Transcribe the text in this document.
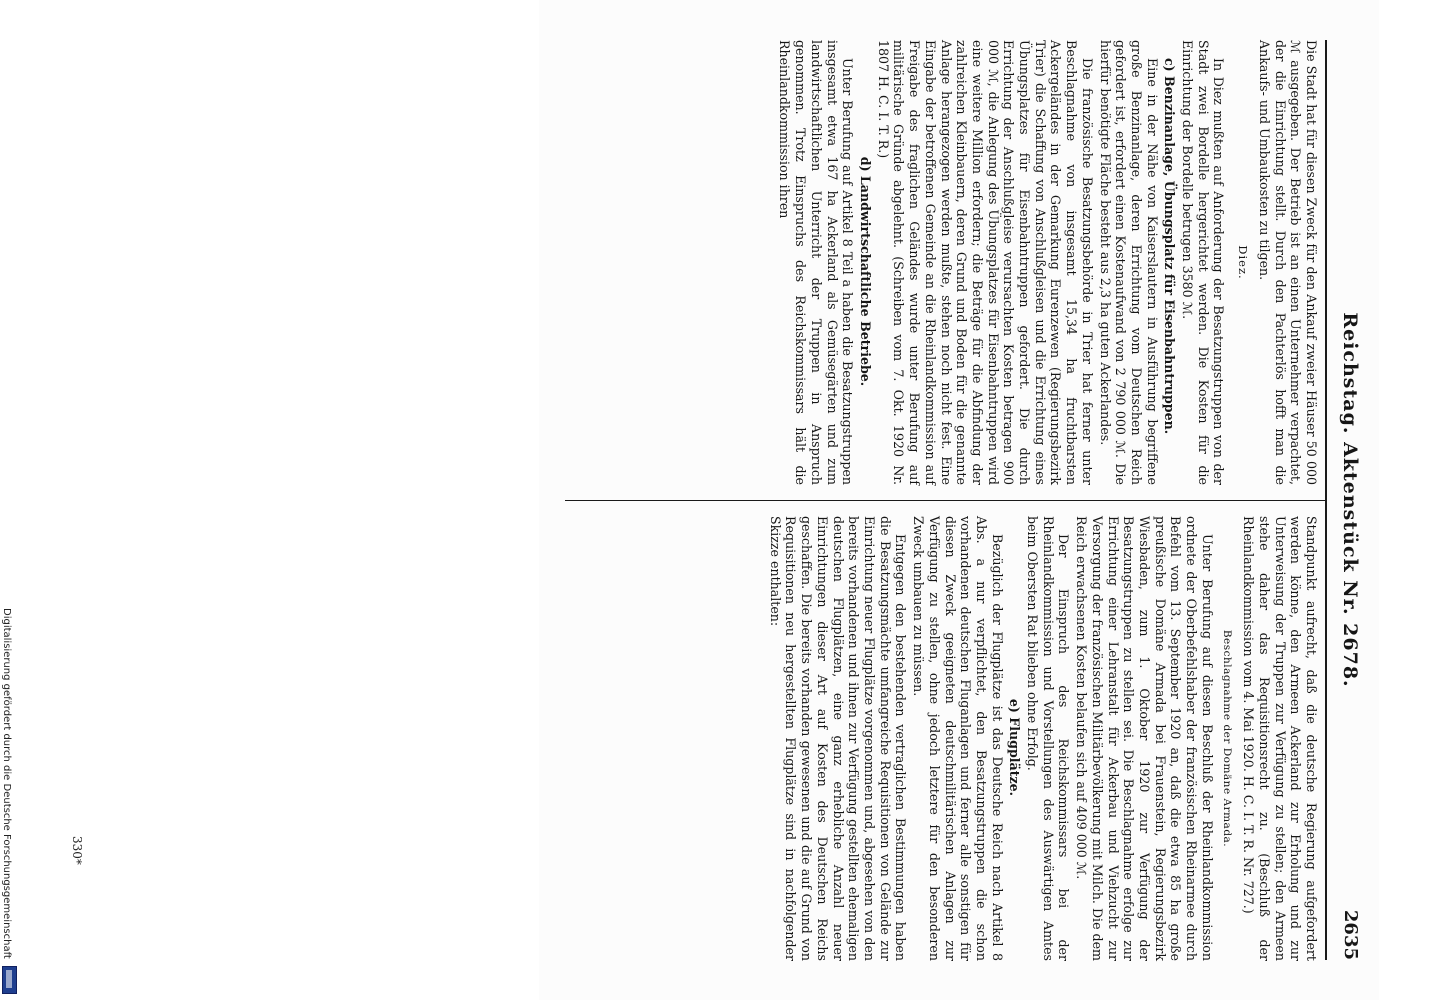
Reichstag. Aktenstück Nr. 2678.
2635

Die Stadt hat für diesen Zweck für den Ankauf zweier Häuser 50 000 ℳ ausgegeben. Der Betrieb ist an einen Unternehmer verpachtet, der die Einrichtung stellt. Durch den Pachterlös hofft man die Ankaufs- und Umbaukosten zu tilgen.

Diez.

In Diez mußten auf Anforderung der Besatzungstruppen von der Stadt zwei Bordelle hergerichtet werden. Die Kosten für die Einrichtung der Bordelle betrugen 3580 ℳ.

c) Benzinanlage, Übungsplatz für Eisenbahntruppen.

Eine in der Nähe von Kaiserslautern in Ausführung begriffene große Benzinanlage, deren Errichtung vom Deutschen Reich gefordert ist, erfordert einen Kostenaufwand von 2 790 000 ℳ. Die hierfür benötigte Fläche besteht aus 2,3 ha guten Ackerlandes.

Die französische Besatzungsbehörde in Trier hat ferner unter Beschlagnahme von insgesamt 15,34 ha fruchtbarsten Ackergeländes in der Gemarkung Eurenzewen (Regierungsbezirk Trier) die Schaffung von Anschlußgleisen und die Errichtung eines Übungsplatzes für Eisenbahntruppen gefordert. Die durch Errichtung der Anschlußgleise verursachten Kosten betragen 900 000 ℳ, die Anlegung des Übungsplatzes für Eisenbahntruppen wird eine weitere Million erfordern; die Beträge für die Abfindung der zahlreichen Kleinbauern, deren Grund und Boden für die genannte Anlage herangezogen werden mußte, stehen noch nicht fest. Eine Eingabe der betroffenen Gemeinde an die Rheinlandkommission auf Freigabe des fraglichen Geländes wurde unter Berufung auf militärische Gründe abgelehnt. (Schreiben vom 7. Okt. 1920 Nr. 1807 H. C. I. T. R.)

d) Landwirtschaftliche Betriebe.

Unter Berufung auf Artikel 8 Teil a haben die Besatzungstruppen insgesamt etwa 167 ha Ackerland als Gemüsegärten und zum landwirtschaftlichen Unterricht der Truppen in Anspruch genommen. Trotz Einspruchs des Reichskommissars hält die Rheinlandkommission ihren

Standpunkt aufrecht, daß die deutsche Regierung aufgefordert werden könne, den Armeen Ackerland zur Erholung und zur Unterweisung der Truppen zur Verfügung zu stellen; den Armeen stehe daher das Requisitionsrecht zu. (Beschluß der Rheinlandkommission vom 4. Mai 1920. H. C. I. T. R. Nr. 727.)

Beschlagnahme der Domäne Armada.

Unter Berufung auf diesen Beschluß der Rheinlandkommission ordnete der Oberbefehlshaber der französischen Rheinarmee durch Befehl vom 13. September 1920 an, daß die etwa 85 ha große preußische Domäne Armada bei Frauenstein, Regierungsbezirk Wiesbaden, zum 1. Oktober 1920 zur Verfügung der Besatzungstruppen zu stellen sei. Die Beschlagnahme erfolge zur Errichtung einer Lehranstalt für Ackerbau und Viehzucht zur Versorgung der französischen Militärbevölkerung mit Milch. Die dem Reich erwachsenen Kosten belaufen sich auf 409 000 ℳ.

Der Einspruch des Reichskommissars bei der Rheinlandkommission und Vorstellungen des Auswärtigen Amtes beim Obersten Rat blieben ohne Erfolg.

e) Flugplätze.

Bezüglich der Flugplätze ist das Deutsche Reich nach Artikel 8 Abs. a nur verpflichtet, den Besatzungstruppen die schon vorhandenen deutschen Fluganlagen und ferner alle sonstigen für diesen Zweck geeigneten deutschmilitärischen Anlagen zur Verfügung zu stellen, ohne jedoch letztere für den besonderen Zweck umbauen zu müssen.

Entgegen den bestehenden vertraglichen Bestimmungen haben die Besatzungsmächte umfangreiche Requisitionen von Gelände zur Einrichtung neuer Flugplätze vorgenommen und, abgesehen von den bereits vorhandenen und ihnen zur Verfügung gestellten ehemaligen deutschen Flugplätzen, eine ganz erhebliche Anzahl neuer Einrichtungen dieser Art auf Kosten des Deutschen Reichs geschaffen. Die bereits vorhanden gewesenen und die auf Grund von Requisitionen neu hergestellten Flugplätze sind in nachfolgender Skizze enthalten:

330*
Digitalisierung gefördert durch die Deutsche Forschungsgemeinschaft
